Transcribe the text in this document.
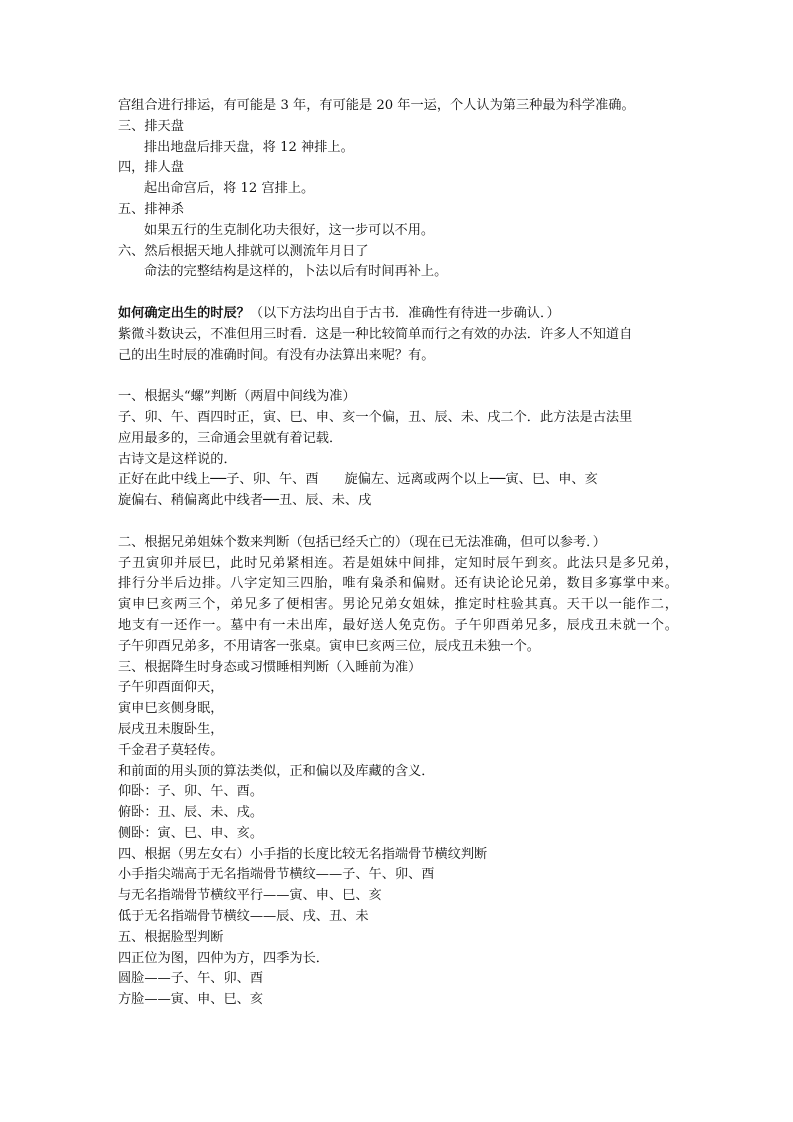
宫组合进行排运，有可能是 3 年，有可能是 20 年一运，个人认为第三种最为科学准确。
三、排天盘
排出地盘后排天盘，将 12 神排上。
四，排人盘
起出命宫后，将 12 宫排上。
五、排神杀
如果五行的生克制化功夫很好，这一步可以不用。
六、然后根据天地人排就可以测流年月日了
命法的完整结构是这样的，卜法以后有时间再补上。
如何确定出生的时辰？（以下方法均出自于古书．准确性有待进一步确认．）
紫微斗数诀云，不准但用三时看．这是一种比较简单而行之有效的办法．许多人不知道自
己的出生时辰的准确时间。有没有办法算出来呢？有。
一、根据头“螺”判断（两眉中间线为准）
子、卯、午、酉四时正，寅、巳、申、亥一个偏，丑、辰、未、戌二个．此方法是古法里
应用最多的，三命通会里就有着记载．
古诗文是这样说的．
正好在此中线上──子、卯、午、酉 旋偏左、远离或两个以上──寅、巳、申、亥
旋偏右、稍偏离此中线者──丑、辰、未、戌
二、根据兄弟姐妹个数来判断（包括已经夭亡的）（现在已无法准确，但可以参考．）
子丑寅卯并辰巳，此时兄弟紧相连。若是姐妹中间排，定知时辰午到亥。此法只是多兄弟，
排行分半后边排。八字定知三四胎，唯有枭杀和偏财。还有诀论论兄弟，数目多寡掌中来。
寅申巳亥两三个，弟兄多了便相害。男论兄弟女姐妹，推定时柱验其真。天干以一能作二，
地支有一还作一。墓中有一未出库，最好送人免克伤。子午卯酉弟兄多，辰戌丑未就一个。
子午卯酉兄弟多，不用请客一张桌。寅申巳亥两三位，辰戌丑未独一个。
三、根据降生时身态或习惯睡相判断（入睡前为准）
子午卯酉面仰天，
寅申巳亥侧身眠，
辰戌丑未腹卧生，
千金君子莫轻传。
和前面的用头顶的算法类似，正和偏以及库藏的含义．
仰卧：子、卯、午、酉。
俯卧：丑、辰、未、戌。
侧卧：寅、巳、申、亥。
四、根据（男左女右）小手指的长度比较无名指端骨节横纹判断
小手指尖端高于无名指端骨节横纹——子、午、卯、酉
与无名指端骨节横纹平行——寅、申、巳、亥
低于无名指端骨节横纹——辰、戌、丑、未
五、根据脸型判断
四正位为图，四仲为方，四季为长．
圆脸——子、午、卯、酉
方脸——寅、申、巳、亥
